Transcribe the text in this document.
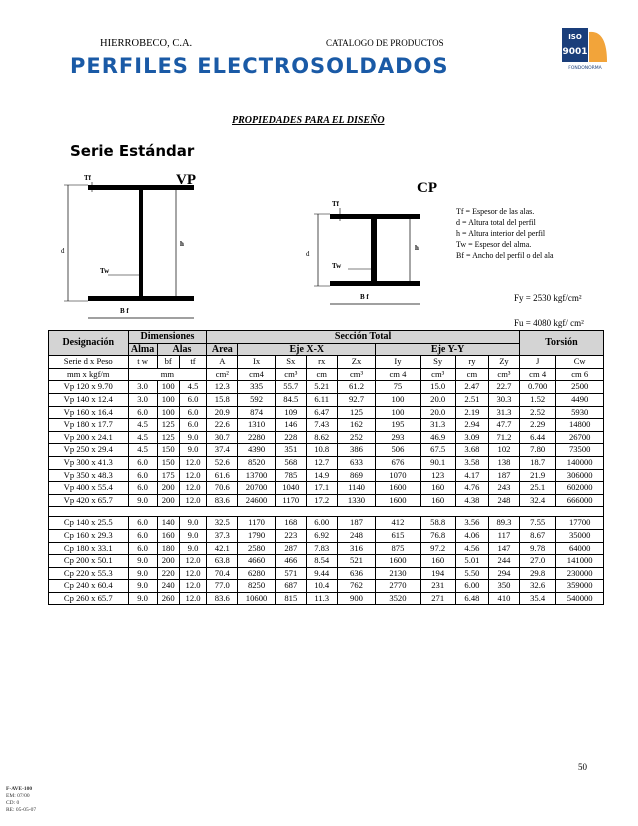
HIERROBECO, C.A.	CATALOGO DE PRODUCTOS
PERFILES ELECTROSOLDADOS
ISO
9001
FONDONORMA
PROPIEDADES PARA EL DISEÑO
Serie Estándar
d
h
Tf
Tw
B f
VP
d
h
Tf
Tw
B f
CP
Tf = Espesor de las alas.
d = Altura total del perfil
h = Altura interior del perfil
Tw = Espesor del alma.
Bf = Ancho del perfil o del ala
Fy = 2530 kgf/cm²
Fu = 4080 kgf/ cm²
Designación	Dimensiones			Sección Total									Torsión	
	Alma	Alas		Area	Eje X-X				Eje Y-Y					
Serie d x Peso	t w	bf	tf	A	Ix	Sx	rx	Zx	Iy	Sy	ry	Zy	J	Cw
mm x kgf/m	mm			cm²	cm4	cm³	cm	cm³	cm 4	cm³	cm	cm³	cm 4	cm 6
Vp 120 x 9.70	3.0	100	4.5	12.3	335	55.7	5.21	61.2	75	15.0	2.47	22.7	0.700	2500
Vp 140 x 12.4	3.0	100	6.0	15.8	592	84.5	6.11	92.7	100	20.0	2.51	30.3	1.52	4490
Vp 160 x 16.4	6.0	100	6.0	20.9	874	109	6.47	125	100	20.0	2.19	31.3	2.52	5930
Vp 180 x 17.7	4.5	125	6.0	22.6	1310	146	7.43	162	195	31.3	2.94	47.7	2.29	14800
Vp 200 x 24.1	4.5	125	9.0	30.7	2280	228	8.62	252	293	46.9	3.09	71.2	6.44	26700
Vp 250 x 29.4	4.5	150	9.0	37.4	4390	351	10.8	386	506	67.5	3.68	102	7.80	73500
Vp 300 x 41.3	6.0	150	12.0	52.6	8520	568	12.7	633	676	90.1	3.58	138	18.7	140000
Vp 350 x 48.3	6.0	175	12.0	61.6	13700	785	14.9	869	1070	123	4.17	187	21.9	306000
Vp 400 x 55.4	6.0	200	12.0	70.6	20700	1040	17.1	1140	1600	160	4.76	243	25.1	602000
Vp 420 x 65.7	9.0	200	12.0	83.6	24600	1170	17.2	1330	1600	160	4.38	248	32.4	666000

Cp 140 x 25.5	6.0	140	9.0	32.5	1170	168	6.00	187	412	58.8	3.56	89.3	7.55	17700
Cp 160 x 29.3	6.0	160	9.0	37.3	1790	223	6.92	248	615	76.8	4.06	117	8.67	35000
Cp 180 x 33.1	6.0	180	9.0	42.1	2580	287	7.83	316	875	97.2	4.56	147	9.78	64000
Cp 200 x 50.1	9.0	200	12.0	63.8	4660	466	8.54	521	1600	160	5.01	244	27.0	141000
Cp 220 x 55.3	9.0	220	12.0	70.4	6280	571	9.44	636	2130	194	5.50	294	29.8	230000
Cp 240 x 60.4	9.0	240	12.0	77.0	8250	687	10.4	762	2770	231	6.00	350	32.6	359000
Cp 260 x 65.7	9.0	260	12.0	83.6	10600	815	11.3	900	3520	271	6.48	410	35.4	540000
50
F-AVE-100
EM: 07/00
CD: 0
RE: 05-05-07
